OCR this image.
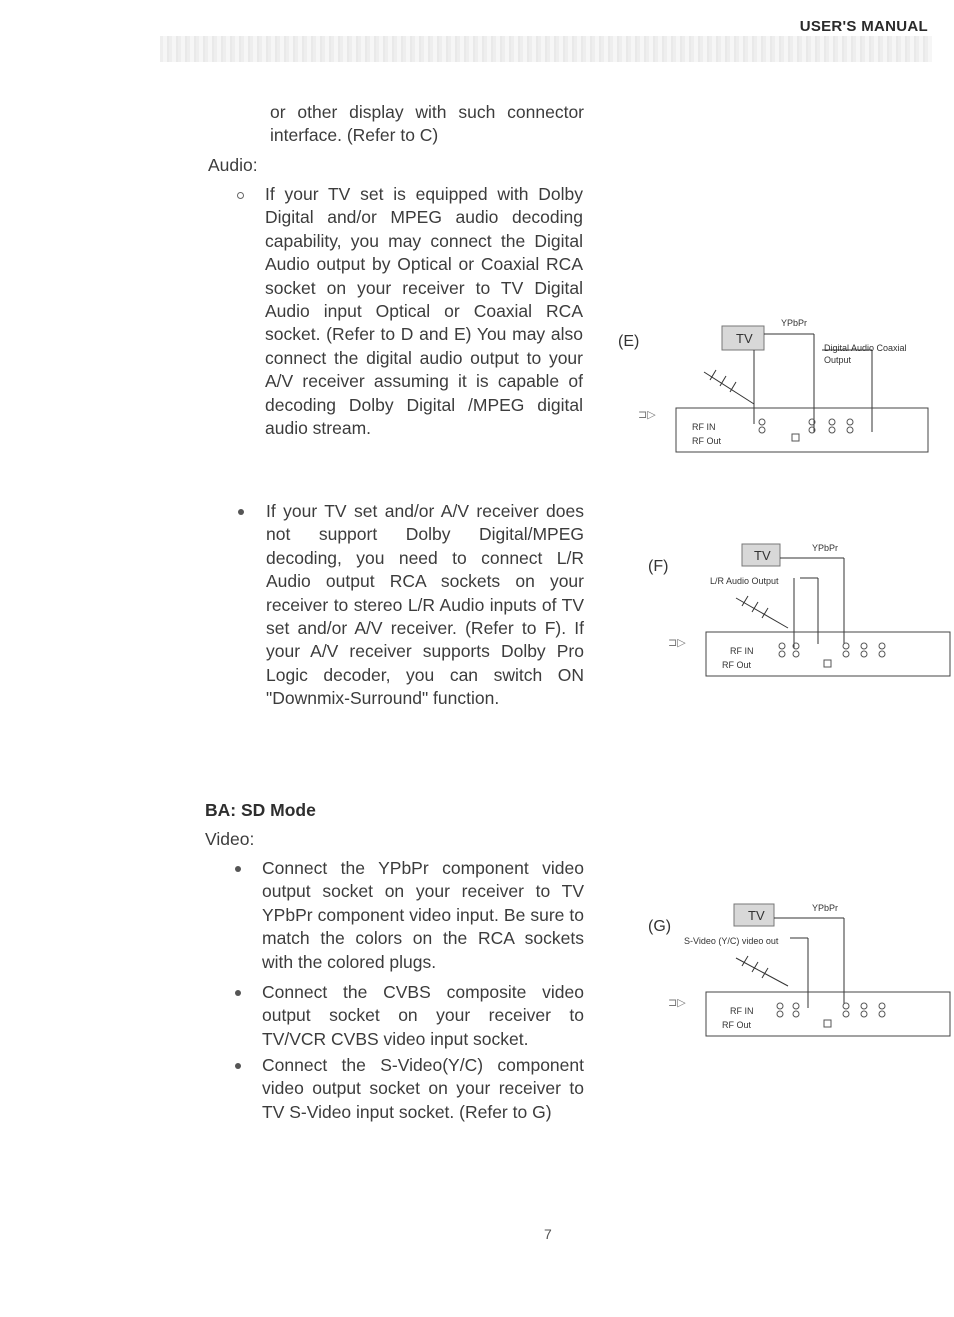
USER'S MANUAL
or other display with such connector interface. (Refer to C)
Audio:
If your TV set is equipped with Dolby Digital and/or MPEG audio decoding capability, you may connect the Digital Audio output by Optical or Coaxial RCA socket on your receiver to TV Digital Audio input Optical or Coaxial RCA socket. (Refer to D and E) You may also connect the digital audio output to your A/V receiver assuming it is capable of decoding Dolby Digital /MPEG digital audio stream.
If your TV set and/or A/V receiver does not support Dolby Digital/MPEG decoding, you need to connect L/R Audio output RCA sockets on your receiver to stereo L/R Audio inputs of TV set and/or A/V receiver. (Refer to F). If your A/V receiver supports Dolby Pro Logic decoder, you can switch ON "Downmix-Surround" function.
BA: SD Mode
Video:
Connect the YPbPr component video output socket on your receiver to TV YPbPr component video input. Be sure to match the colors on the RCA sockets with the colored plugs.
Connect the CVBS composite video output socket on your receiver to TV/VCR CVBS video input socket.
Connect the S-Video(Y/C) component video output socket on your receiver to TV S-Video input socket. (Refer to G)
(E)	TV
YPbPr
Digital Audio Coaxial
Output
RF IN
RF Out
⊐▷
(F)
TV	YPbPr
L/R Audio Output
RF IN
RF Out
⊐▷
(G)
TV	YPbPr
S-Video (Y/C) video out
RF IN
RF Out
⊐▷
7
